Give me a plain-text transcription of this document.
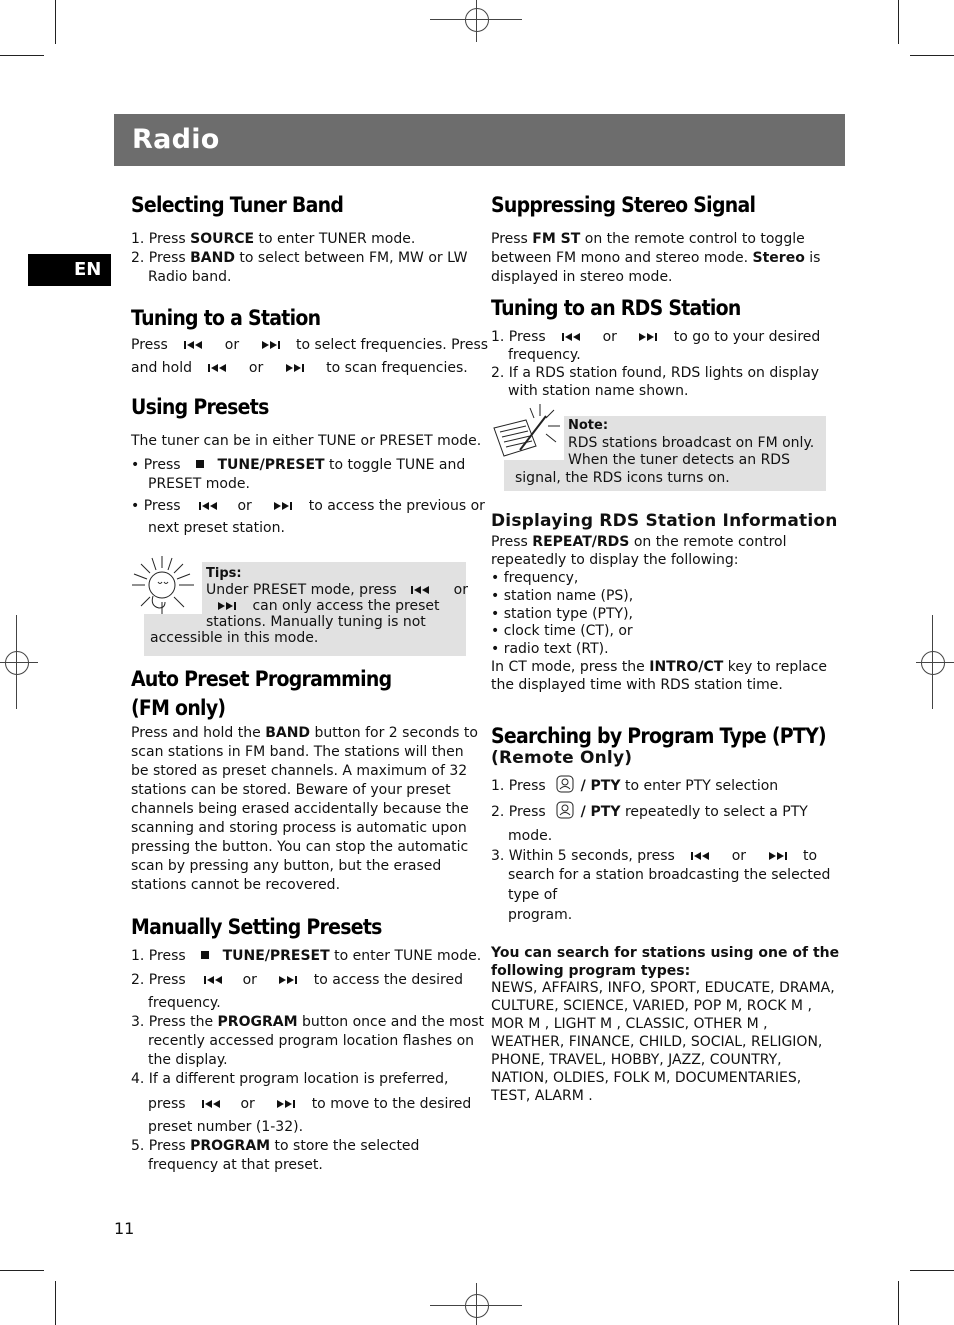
Radio
EN
Selecting Tuner Band
1. Press SOURCE to enter TUNER mode.
2. Press BAND to select between FM, MW or LW
Radio band.
Tuning to a Station
Press	or	to select frequencies. Press
and hold	or	to scan frequencies.
Using Presets
The tuner can be in either TUNE or PRESET mode.
• Press	TUNE/PRESET to toggle TUNE and
PRESET mode.
• Press	or	to access the previous or
next preset station.
Tips:
Under PRESET mode, press	or
can only access the preset
stations. Manually tuning is not
accessible in this mode.
Auto Preset Programming
(FM only)
Press and hold the BAND button for 2 seconds to
scan stations in FM band. The stations will then
be stored as preset channels. A maximum of 32
stations can be stored. Beware of your preset
channels being erased accidentally because the
scanning and storing process is automatic upon
pressing the button. You can stop the automatic
scan by pressing any button, but the erased
stations cannot be recovered.
Manually Setting Presets
1. Press	TUNE/PRESET to enter TUNE mode.
2. Press	or	to access the desired
frequency.
3. Press the PROGRAM button once and the most
recently accessed program location flashes on
the display.
4. If a different program location is preferred,
press	or	to move to the desired
preset number (1-32).
5. Press PROGRAM to store the selected
frequency at that preset.
Suppressing Stereo Signal
Press FM ST on the remote control to toggle
between FM mono and stereo mode. Stereo is
displayed in stereo mode.
Tuning to an RDS Station
1. Press	or	to go to your desired
frequency.
2. If a RDS station found, RDS lights on display
with station name shown.
Note:
RDS stations broadcast on FM only.
When the tuner detects an RDS
signal, the RDS icons turns on.
Displaying RDS Station Information
Press REPEAT/RDS on the remote control
repeatedly to display the following:
• frequency,
• station name (PS),
• station type (PTY),
• clock time (CT), or
• radio text (RT).
In CT mode, press the INTRO/CT key to replace
the displayed time with RDS station time.
Searching by Program Type (PTY)
(Remote Only)
1. Press / PTY to enter PTY selection
2. Press / PTY repeatedly to select a PTY
mode.
3. Within 5 seconds, press	or	to
search for a station broadcasting the selected
type of
program.
You can search for stations using one of the
following program types:
NEWS, AFFAIRS, INFO, SPORT, EDUCATE, DRAMA,
CULTURE, SCIENCE, VARIED, POP M, ROCK M ,
MOR M , LIGHT M , CLASSIC, OTHER M ,
WEATHER, FINANCE, CHILD, SOCIAL, RELIGION,
PHONE, TRAVEL, HOBBY, JAZZ, COUNTRY,
NATION, OLDIES, FOLK M, DOCUMENTARIES,
TEST, ALARM .
11
